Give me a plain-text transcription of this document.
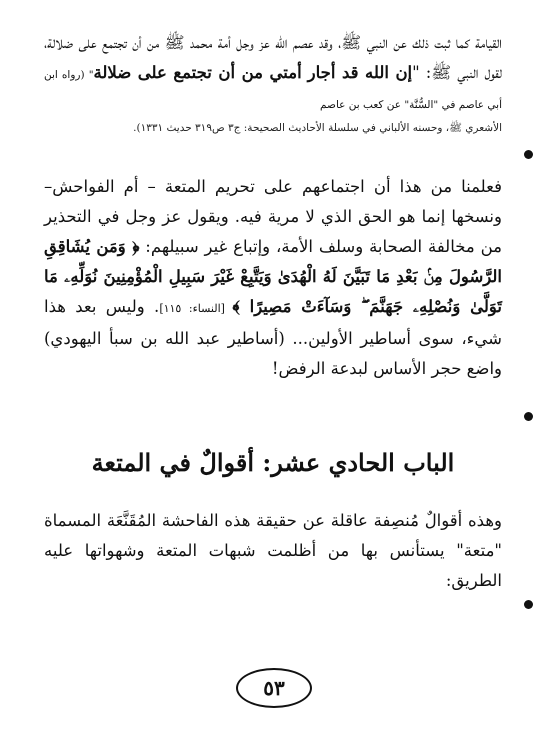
القيامة كما ثبت ذلك عن النبي ﷺ، وقد عصم الله عز وجل أمة محمد ﷺ من أن تجتمع على ضلالة، لقول النبي ﷺ: "إن الله قد أجار أمتي من أن تجتمع على ضلالة" (رواه ابن أبي عاصم في "السُّنَّة" عن كعب بن عاصم
الأشعري ﷺ، وحسنه الألباني في سلسلة الأحاديث الصحيحة: ج٣ ص٣١٩ حديث ١٣٣١).
فعلمنا من هذا أن اجتماعهم على تحريم المتعة – أم الفواحش– ونسخها إنما هو الحق الذي لا مرية فيه. ويقول عز وجل في التحذير من مخالفة الصحابة وسلف الأمة، وإتباع غير سبيلهم: ﴿ وَمَن يُشَاقِقِ الرَّسُولَ مِنۢ بَعْدِ مَا تَبَيَّنَ لَهُ الْهُدَىٰ وَيَتَّبِعْ غَيْرَ سَبِيلِ الْمُؤْمِنِينَ نُوَلِّهِۦ مَا تَوَلَّىٰ وَنُصْلِهِۦ جَهَنَّمَ ۖ وَسَآءَتْ مَصِيرًا ﴾ [النساء: ١١٥]. وليس بعد هذا شيء، سوى أساطير الأولين... (أساطير عبد الله بن سبأ اليهودي) واضع حجر الأساس لبدعة الرفض!
الباب الحادي عشر: أقوالٌ في المتعة
وهذه أقوالٌ مُنصِفة عاقلة عن حقيقة هذه الفاحشة المُقَنَّعَة المسماة "متعة" يستأنس بها من أظلمت شبهات المتعة وشهواتها عليه الطريق:
٥٣
